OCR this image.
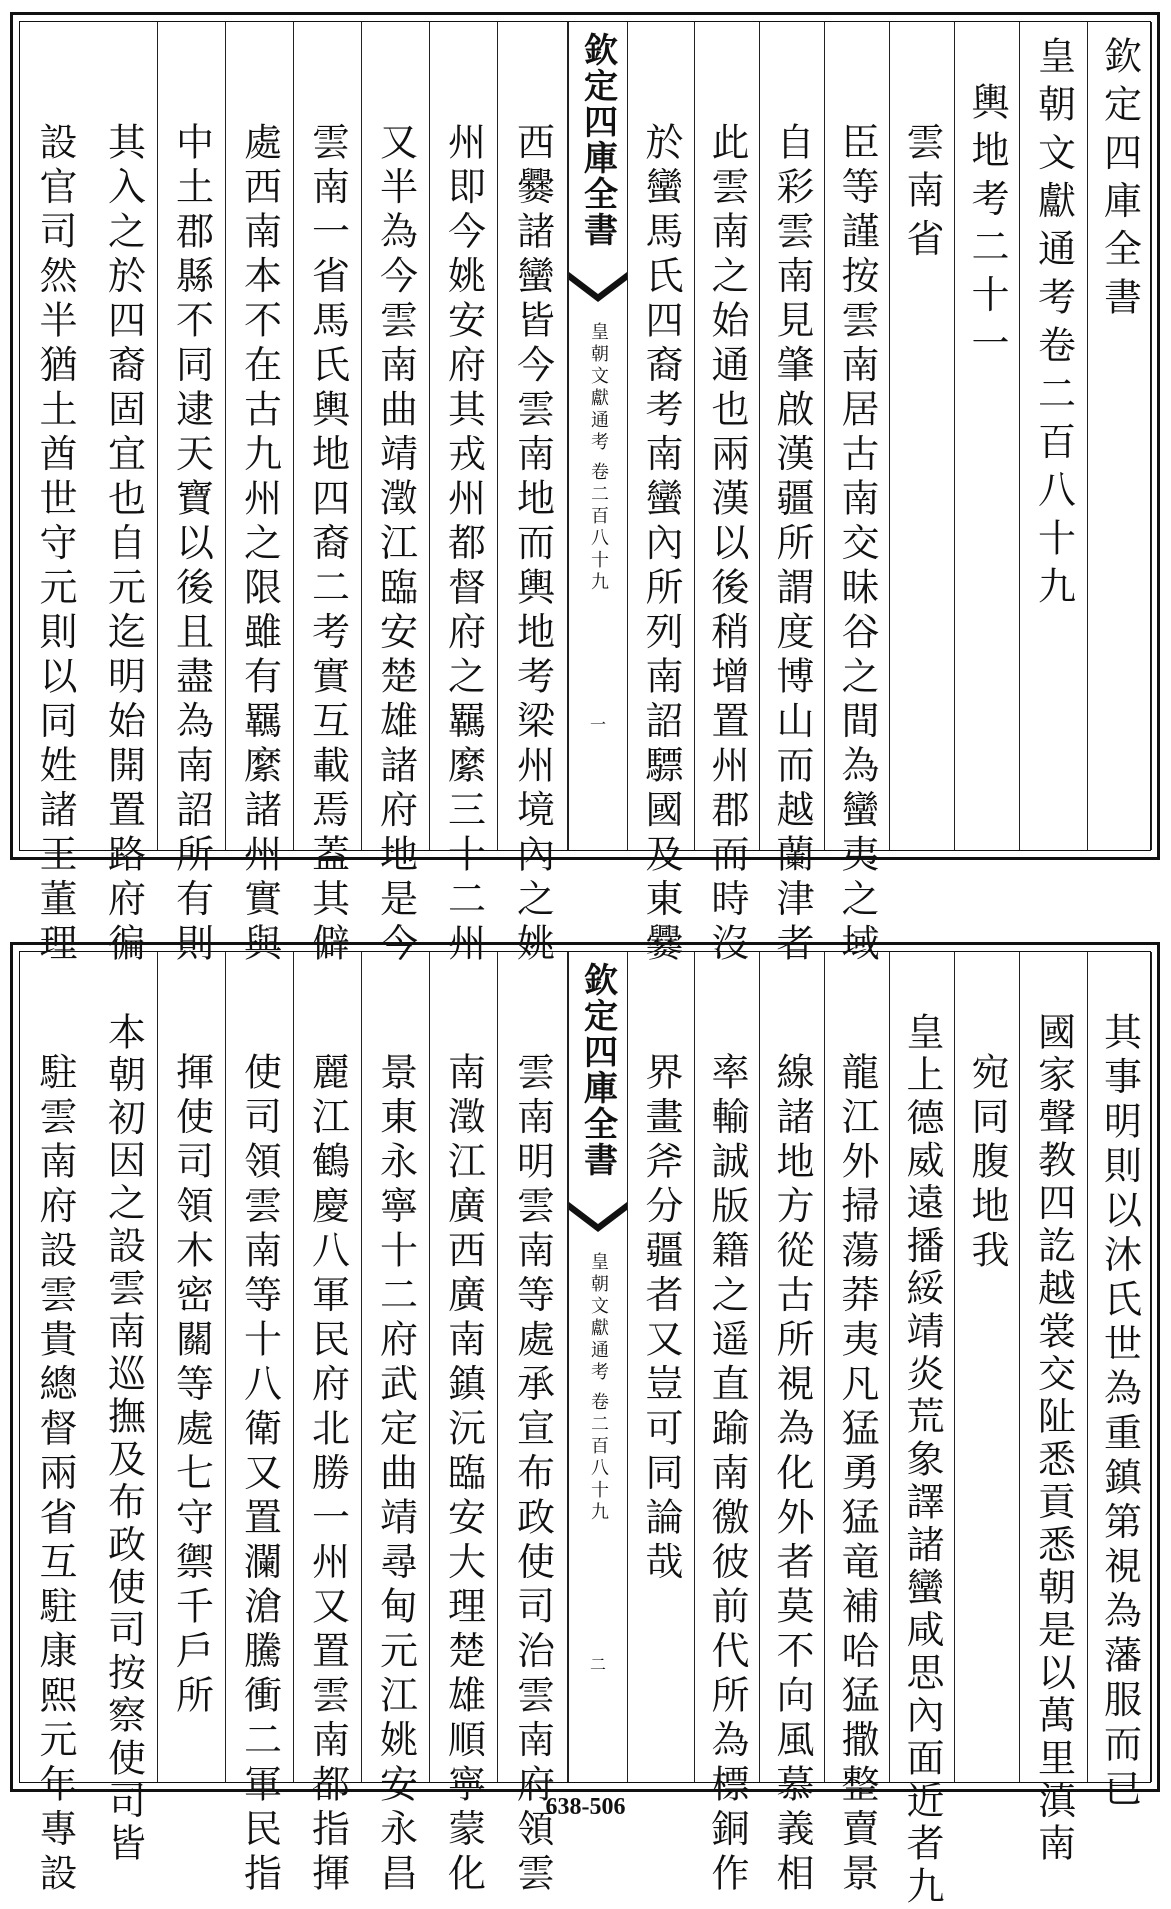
欽定四庫全書
皇朝文獻通考卷二百八十九
輿地考二十一
雲南省
臣等謹按雲南居古南交昧谷之間為蠻夷之域
自彩雲南見肇啟漢疆所謂度博山而越蘭津者
此雲南之始通也兩漢以後稍增置州郡而時沒
於蠻馬氏四裔考南蠻內所列南詔驃國及東爨
欽定四庫全書
皇朝文獻通考
卷二百八十九
一
西爨諸蠻皆今雲南地而輿地考梁州境內之姚
州即今姚安府其戎州都督府之羈縻三十二州
又半為今雲南曲靖澂江臨安楚雄諸府地是今
雲南一省馬氏輿地四裔二考實互載焉蓋其僻
處西南本不在古九州之限雖有羈縻諸州實與
中土郡縣不同逮天寶以後且盡為南詔所有則
其入之於四裔固宜也自元迄明始開置路府徧
設官司然半猶土酋世守元則以同姓諸王董理
其事明則以沐氏世為重鎮第視為藩服而已
國家聲教四訖越裳交阯悉貢悉朝是以萬里滇南
宛同腹地我
皇上德威遠播綏靖炎荒象譯諸蠻咸思內面近者九
龍江外掃蕩莽夷凡猛勇猛竜補哈猛撒整賣景
線諸地方從古所視為化外者莫不向風慕義相
率輸誠版籍之遥直踰南徼彼前代所為標銅作
界畫斧分疆者又豈可同論哉
欽定四庫全書
皇朝文獻通考
卷二百八十九
二
雲南明雲南等處承宣布政使司治雲南府領雲
南澂江廣西廣南鎮沅臨安大理楚雄順寧蒙化
景東永寧十二府武定曲靖尋甸元江姚安永昌
麗江鶴慶八軍民府北勝一州又置雲南都指揮
使司領雲南等十八衛又置瀾滄騰衝二軍民指
揮使司領木密關等處七守禦千戶所
本朝初因之設雲南巡撫及布政使司按察使司皆
駐雲南府設雲貴總督兩省互駐康熙元年專設	638-506
